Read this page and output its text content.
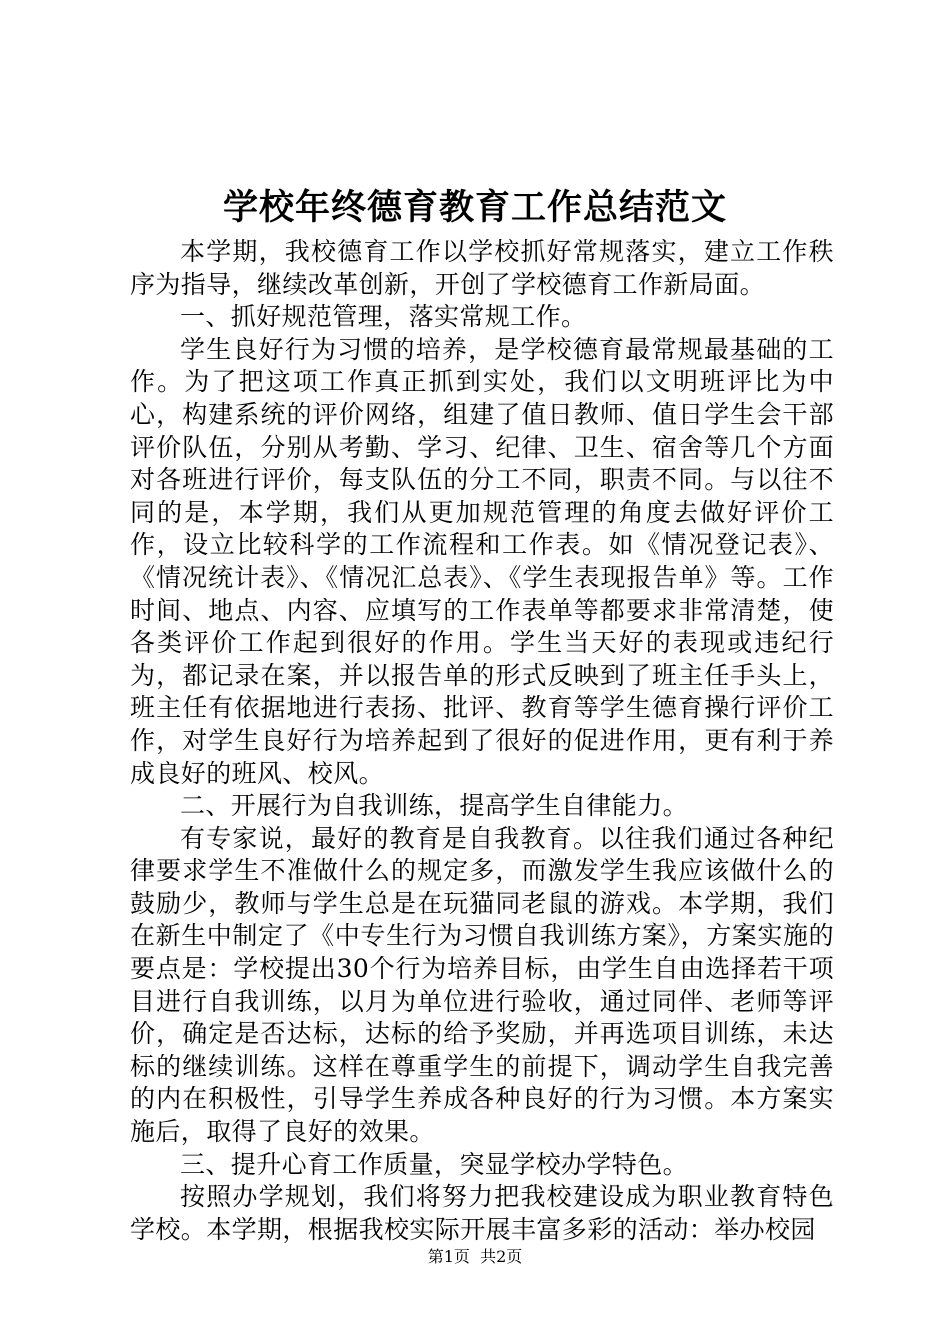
学校年终德育教育工作总结范文

本学期，我校德育工作以学校抓好常规落实，建立工作秩序为指导，继续改革创新，开创了学校德育工作新局面。

一、抓好规范管理，落实常规工作。

学生良好行为习惯的培养，是学校德育最常规最基础的工作。为了把这项工作真正抓到实处，我们以文明班评比为中心，构建系统的评价网络，组建了值日教师、值日学生会干部评价队伍，分别从考勤、学习、纪律、卫生、宿舍等几个方面对各班进行评价，每支队伍的分工不同，职责不同。与以往不同的是，本学期，我们从更加规范管理的角度去做好评价工作，设立比较科学的工作流程和工作表。如《情况登记表》、《情况统计表》、《情况汇总表》、《学生表现报告单》等。工作时间、地点、内容、应填写的工作表单等都要求非常清楚，使各类评价工作起到很好的作用。学生当天好的表现或违纪行为，都记录在案，并以报告单的形式反映到了班主任手头上，班主任有依据地进行表扬、批评、教育等学生德育操行评价工作，对学生良好行为培养起到了很好的促进作用，更有利于养成良好的班风、校风。

二、开展行为自我训练，提高学生自律能力。

有专家说，最好的教育是自我教育。以往我们通过各种纪律要求学生不准做什么的规定多，而激发学生我应该做什么的鼓励少，教师与学生总是在玩猫同老鼠的游戏。本学期，我们在新生中制定了《中专生行为习惯自我训练方案》，方案实施的要点是：学校提出30个行为培养目标，由学生自由选择若干项目进行自我训练，以月为单位进行验收，通过同伴、老师等评价，确定是否达标，达标的给予奖励，并再选项目训练，未达标的继续训练。这样在尊重学生的前提下，调动学生自我完善的内在积极性，引导学生养成各种良好的行为习惯。本方案实施后，取得了良好的效果。

三、提升心育工作质量，突显学校办学特色。

按照办学规划，我们将努力把我校建设成为职业教育特色学校。本学期，根据我校实际开展丰富多彩的活动：举办校园

第1页 共2页
